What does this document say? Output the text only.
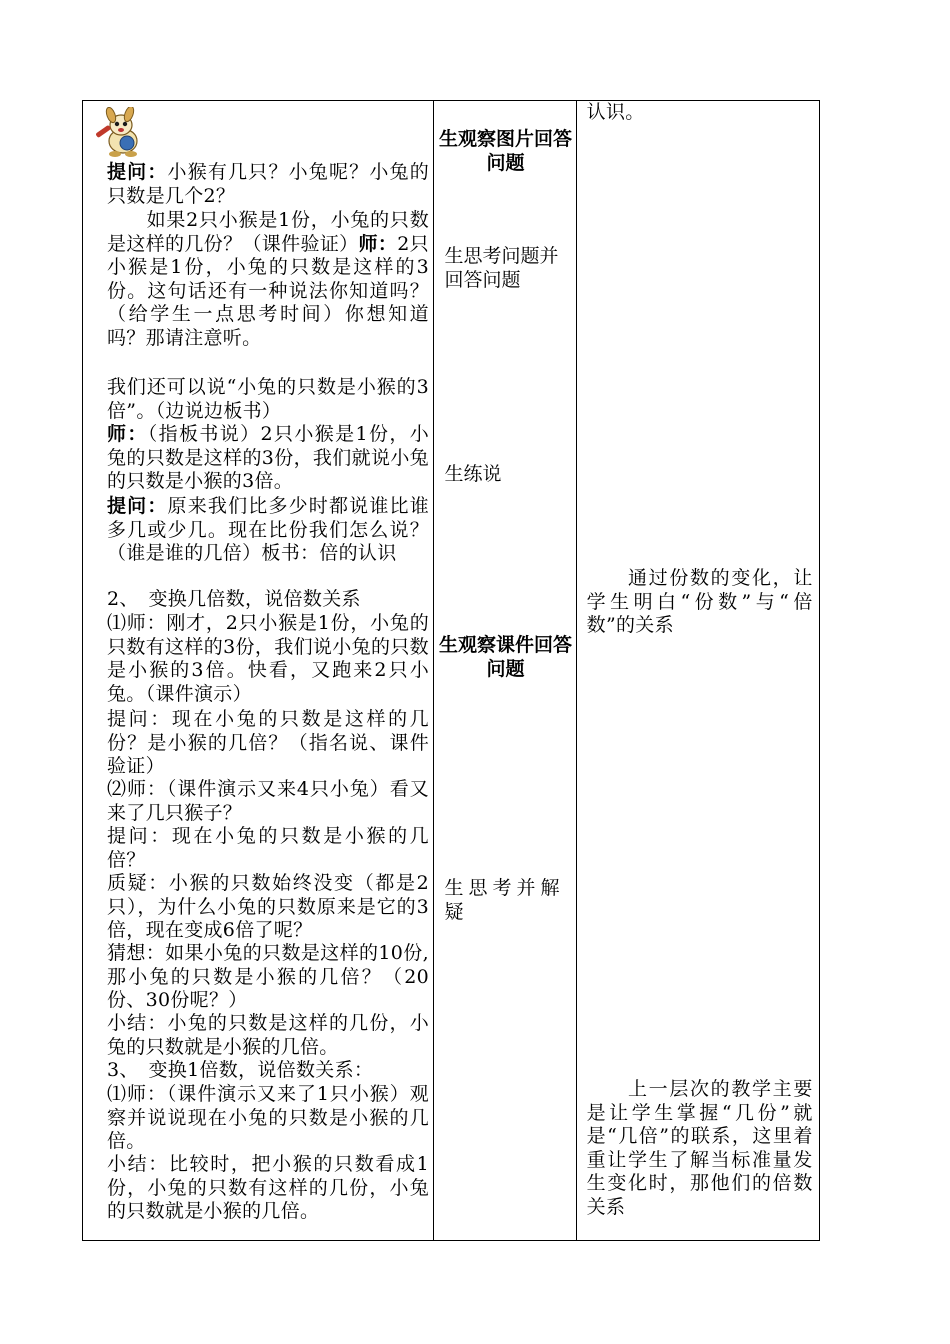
提问：小猴有几只？小兔呢？小兔的只数是几个2？
　　如果2只小猴是1份，小兔的只数是这样的几份？（课件验证）师：2只小猴是1份，小兔的只数是这样的3份。这句话还有一种说法你知道吗？（给学生一点思考时间）你想知道吗？那请注意听。
我们还可以说“小兔的只数是小猴的3倍”。（边说边板书）
师：（指板书说）2只小猴是1份，小兔的只数是这样的3份，我们就说小兔的只数是小猴的3倍。
提问：原来我们比多少时都说谁比谁多几或少几。现在比份我们怎么说？（谁是谁的几倍）板书：倍的认识
2、　变换几倍数，说倍数关系
⑴师：刚才，2只小猴是1份，小兔的只数有这样的3份，我们说小兔的只数是小猴的3倍。快看，又跑来2只小兔。（课件演示）
提问：现在小兔的只数是这样的几份？是小猴的几倍？（指名说、课件验证）
⑵师：（课件演示又来4只小兔）看又来了几只猴子？
提问：现在小兔的只数是小猴的几倍？
质疑：小猴的只数始终没变（都是2只），为什么小兔的只数原来是它的3倍，现在变成6倍了呢？
猜想：如果小兔的只数是这样的10份,那小兔的只数是小猴的几倍？（20份、30份呢？）
小结：小兔的只数是这样的几份，小兔的只数就是小猴的几倍。
3、　变换1倍数，说倍数关系：
⑴师：（课件演示又来了1只小猴）观察并说说现在小兔的只数是小猴的几倍。
小结：比较时，把小猴的只数看成1份，小兔的只数有这样的几份，小兔的只数就是小猴的几倍。

生观察图片回答问题
生思考问题并回答问题
生练说
生观察课件回答问题
生思考并解疑

认识。
　　通过份数的变化，让学生明白“份数”与“倍数”的关系
　　上一层次的教学主要是让学生掌握“几份”就是“几倍”的联系，这里着重让学生了解当标准量发生变化时，那他们的倍数关系
